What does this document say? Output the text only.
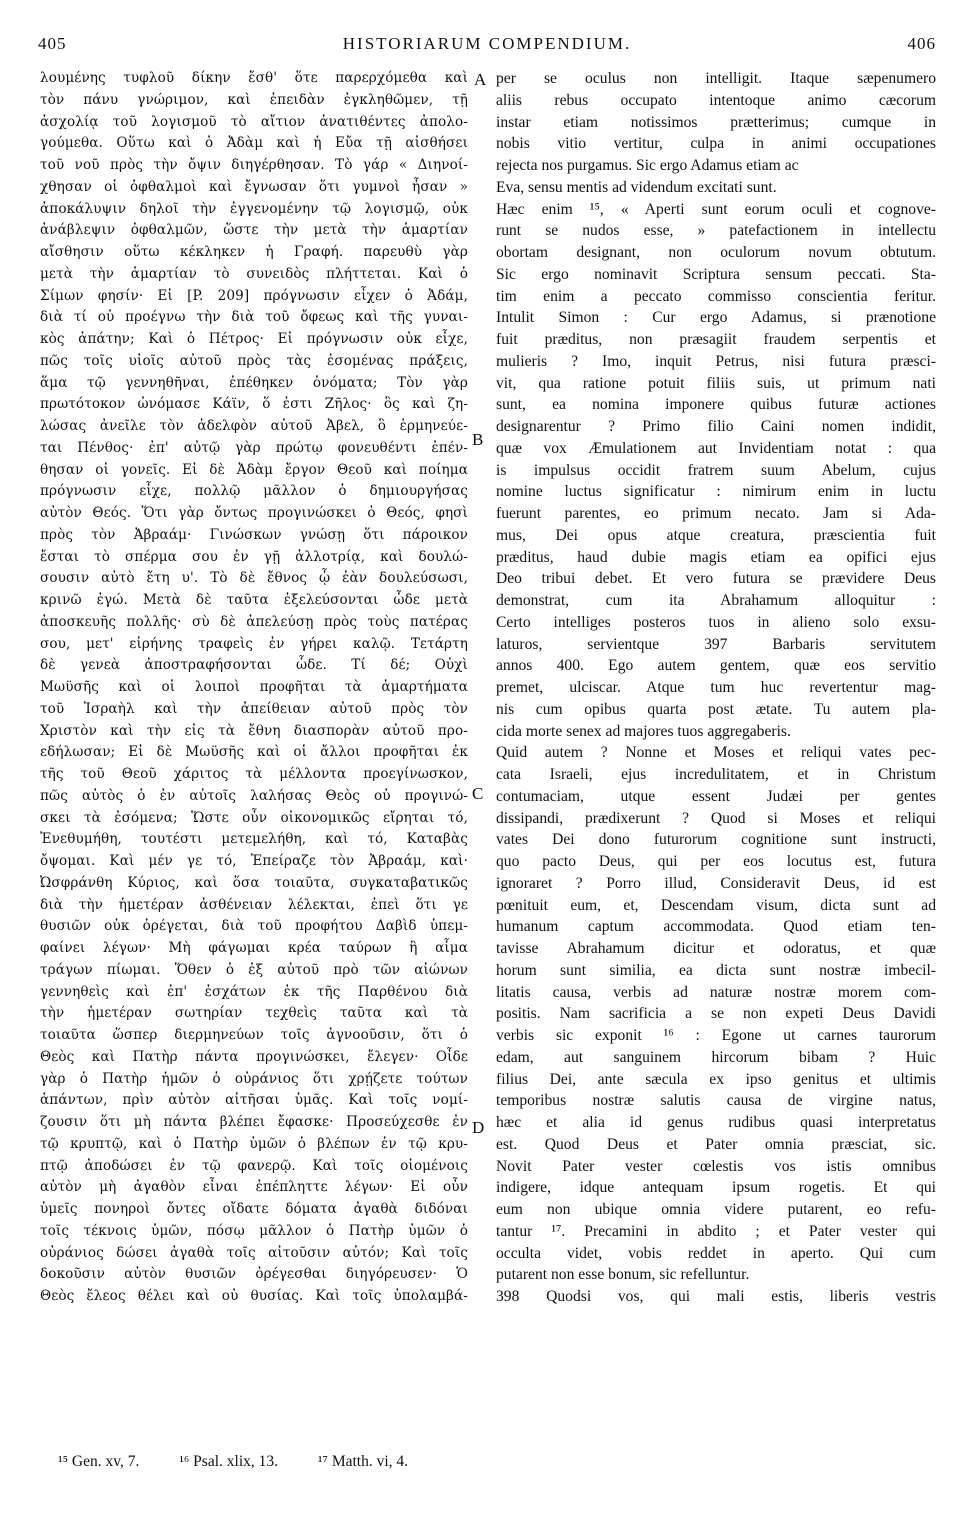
405	HISTORIARUM COMPENDIUM.	406
λουμένης τυφλοῦ δίκην ἔσθ' ὅτε παρερχόμεθα καὶ
τὸν πάνυ γνώριμον, καὶ ἐπειδὰν ἐγκληθῶμεν, τῇ
ἀσχολίᾳ τοῦ λογισμοῦ τὸ αἴτιον ἀνατιθέντες ἀπολο-
γούμεθα. Οὕτω καὶ ὁ Ἀδὰμ καὶ ἡ Εὔα τῇ αἰσθήσει
τοῦ νοῦ πρὸς τὴν ὄψιν διηγέρθησαν. Τὸ γάρ « Διηνοί-
χθησαν οἱ ὀφθαλμοὶ καὶ ἔγνωσαν ὅτι γυμνοὶ ἦσαν »
ἀποκάλυψιν δηλοῖ τὴν ἐγγενομένην τῷ λογισμῷ, οὐκ
ἀνάβλεψιν ὀφθαλμῶν, ὥστε τὴν μετὰ τὴν ἁμαρτίαν
αἴσθησιν οὕτω κέκληκεν ἡ Γραφή. παρευθὺ γὰρ
μετὰ τὴν ἁμαρτίαν τὸ συνειδὸς πλήττεται. Καὶ ὁ
Σίμων φησίν· Εἰ [P. 209] πρόγνωσιν εἶχεν ὁ Ἀδάμ,
διὰ τί οὐ προέγνω τὴν διὰ τοῦ ὄφεως καὶ τῆς γυναι-
κὸς ἀπάτην; Καὶ ὁ Πέτρος· Εἰ πρόγνωσιν οὐκ εἶχε,
πῶς τοῖς υἱοῖς αὐτοῦ πρὸς τὰς ἐσομένας πράξεις,
ἅμα τῷ γεννηθῆναι, ἐπέθηκεν ὀνόματα; Τὸν γὰρ
πρωτότοκον ὠνόμασε Κάϊν, ὅ ἐστι Ζῆλος· ὃς καὶ ζη-
λώσας ἀνεῖλε τὸν ἀδελφὸν αὐτοῦ Ἀβελ, ὃ ἑρμηνεύε-
ται Πένθος· ἐπ' αὐτῷ γὰρ πρώτῳ φονευθέντι ἐπέν-
θησαν οἱ γονεῖς. Εἰ δὲ Ἀδὰμ ἔργον Θεοῦ καὶ ποίημα
πρόγνωσιν εἶχε, πολλῷ μᾶλλον ὁ δημιουργήσας
αὐτὸν Θεός. Ὅτι γὰρ ὄντως προγινώσκει ὁ Θεός, φησὶ
πρὸς τὸν Ἀβραάμ· Γινώσκων γνώσῃ ὅτι πάροικον
ἔσται τὸ σπέρμα σου ἐν γῇ ἀλλοτρίᾳ, καὶ δουλώ-
σουσιν αὐτὸ ἔτη υ'. Τὸ δὲ ἔθνος ᾧ ἐὰν δουλεύσωσι,
κρινῶ ἐγώ. Μετὰ δὲ ταῦτα ἐξελεύσονται ὧδε μετὰ
ἀποσκευῆς πολλῆς· σὺ δὲ ἀπελεύσῃ πρὸς τοὺς πατέρας
σου, μετ' εἰρήνης τραφεὶς ἐν γήρει καλῷ. Τετάρτη
δὲ γενεὰ ἀποστραφήσονται ὧδε. Τί δέ; Οὐχὶ
Μωϋσῆς καὶ οἱ λοιποὶ προφῆται τὰ ἁμαρτήματα
τοῦ Ἰσραὴλ καὶ τὴν ἀπείθειαν αὐτοῦ πρὸς τὸν
Χριστὸν καὶ τὴν εἰς τὰ ἔθνη διασπορὰν αὐτοῦ προ-
εδήλωσαν; Εἰ δὲ Μωϋσῆς καὶ οἱ ἄλλοι προφῆται ἐκ
τῆς τοῦ Θεοῦ χάριτος τὰ μέλλοντα προεγίνωσκον,
πῶς αὐτὸς ὁ ἐν αὐτοῖς λαλήσας Θεὸς οὐ προγινώ-
σκει τὰ ἐσόμενα; Ὥστε οὖν οἰκονομικῶς εἴρηται τό,
Ἐνεθυμήθη, τουτέστι μετεμελήθη, καὶ τό, Καταβὰς
ὄψομαι. Καὶ μέν γε τό, Ἐπείραζε τὸν Ἀβραάμ, καὶ·
Ὠσφράνθη Κύριος, καὶ ὅσα τοιαῦτα, συγκαταβατικῶς
διὰ τὴν ἡμετέραν ἀσθένειαν λέλεκται, ἐπεὶ ὅτι γε
θυσιῶν οὐκ ὀρέγεται, διὰ τοῦ προφήτου Δαβὶδ ὑπεμ-
φαίνει λέγων· Μὴ φάγωμαι κρέα ταύρων ἢ αἷμα
τράγων πίωμαι. Ὅθεν ὁ ἐξ αὐτοῦ πρὸ τῶν αἰώνων
γεννηθεὶς καὶ ἐπ' ἐσχάτων ἐκ τῆς Παρθένου διὰ
τὴν ἡμετέραν σωτηρίαν τεχθεὶς ταῦτα καὶ τὰ
τοιαῦτα ὥσπερ διερμηνεύων τοῖς ἀγνοοῦσιν, ὅτι ὁ
Θεὸς καὶ Πατὴρ πάντα προγινώσκει, ἔλεγεν· Οἶδε
γὰρ ὁ Πατὴρ ἡμῶν ὁ οὐράνιος ὅτι χρῄζετε τούτων
ἁπάντων, πρὶν αὐτὸν αἰτῆσαι ὑμᾶς. Καὶ τοῖς νομί-
ζουσιν ὅτι μὴ πάντα βλέπει ἔφασκε· Προσεύχεσθε ἐν
τῷ κρυπτῷ, καὶ ὁ Πατὴρ ὑμῶν ὁ βλέπων ἐν τῷ κρυ-
πτῷ ἀποδώσει ἐν τῷ φανερῷ. Καὶ τοῖς οἰομένοις
αὐτὸν μὴ ἀγαθὸν εἶναι ἐπέπληττε λέγων· Εἰ οὖν
ὑμεῖς πονηροὶ ὄντες οἴδατε δόματα ἀγαθὰ διδόναι
τοῖς τέκνοις ὑμῶν, πόσῳ μᾶλλον ὁ Πατὴρ ὑμῶν ὁ
οὐράνιος δώσει ἀγαθὰ τοῖς αἰτοῦσιν αὐτόν; Καὶ τοῖς
δοκοῦσιν αὐτὸν θυσιῶν ὀρέγεσθαι διηγόρευσεν· Ὁ
Θεὸς ἔλεος θέλει καὶ οὐ θυσίας. Καὶ τοῖς ὑπολαμβά-
per se oculus non intelligit. Itaque sæpenumero
aliis rebus occupato intentoque animo cæcorum
instar etiam notissimos prætterimus; cumque in
nobis vitio vertitur, culpa in animi occupationes
rejecta nos purgamus. Sic ergo Adamus etiam ac
Eva, sensu mentis ad videndum excitati sunt.
Hæc enim ¹⁵, « Aperti sunt eorum oculi et cognove-
runt se nudos esse, » patefactionem in intellectu
obortam designant, non oculorum novum obtutum.
Sic ergo nominavit Scriptura sensum peccati. Sta-
tim enim a peccato commisso conscientia feritur.
Intulit Simon : Cur ergo Adamus, si prænotione
fuit præditus, non præsagiit fraudem serpentis et
mulieris ? Imo, inquit Petrus, nisi futura præsci-
vit, qua ratione potuit filiis suis, ut primum nati
sunt, ea nomina imponere quibus futuræ actiones
designarentur ? Primo filio Caini nomen indidit,
quæ vox Æmulationem aut Invidentiam notat : qua
is impulsus occidit fratrem suum Abelum, cujus
nomine luctus significatur : nimirum enim in luctu
fuerunt parentes, eo primum necato. Jam si Ada-
mus, Dei opus atque creatura, præscientia fuit
præditus, haud dubie magis etiam ea opifici ejus
Deo tribui debet. Et vero futura se prævidere Deus
demonstrat, cum ita Abrahamum alloquitur :
Certo intelliges posteros tuos in alieno solo exsu-
laturos, servientque 397 Barbaris servitutem
annos 400. Ego autem gentem, quæ eos servitio
premet, ulciscar. Atque tum huc revertentur mag-
nis cum opibus quarta post ætate. Tu autem pla-
cida morte senex ad majores tuos aggregaberis.
Quid autem ? Nonne et Moses et reliqui vates pec-
cata Israeli, ejus incredulitatem, et in Christum
contumaciam, utque essent Judæi per gentes
dissipandi, prædixerunt ? Quod si Moses et reliqui
vates Dei dono futurorum cognitione sunt instructi,
quo pacto Deus, qui per eos locutus est, futura
ignoraret ? Porro illud, Consideravit Deus, id est
pœnituit eum, et, Descendam visum, dicta sunt ad
humanum captum accommodata. Quod etiam ten-
tavisse Abrahamum dicitur et odoratus, et quæ
horum sunt similia, ea dicta sunt nostræ imbecil-
litatis causa, verbis ad naturæ nostræ morem com-
positis. Nam sacrificia a se non expeti Deus Davidi
verbis sic exponit ¹⁶ : Egone ut carnes taurorum
edam, aut sanguinem hircorum bibam ? Huic
filius Dei, ante sæcula ex ipso genitus et ultimis
temporibus nostræ salutis causa de virgine natus,
hæc et alia id genus rudibus quasi interpretatus
est. Quod Deus et Pater omnia præsciat, sic.
Novit Pater vester cœlestis vos istis omnibus
indigere, idque antequam ipsum rogetis. Et qui
eum non ubique omnia videre putarent, eo refu-
tantur ¹⁷. Precamini in abdito ; et Pater vester qui
occulta videt, vobis reddet in aperto. Qui cum
putarent non esse bonum, sic refelluntur.
398 Quodsi vos, qui mali estis, liberis vestris
A
B
C
D
¹⁵ Gen. xv, 7.	¹⁶ Psal. xlix, 13.	¹⁷ Matth. vi, 4.
